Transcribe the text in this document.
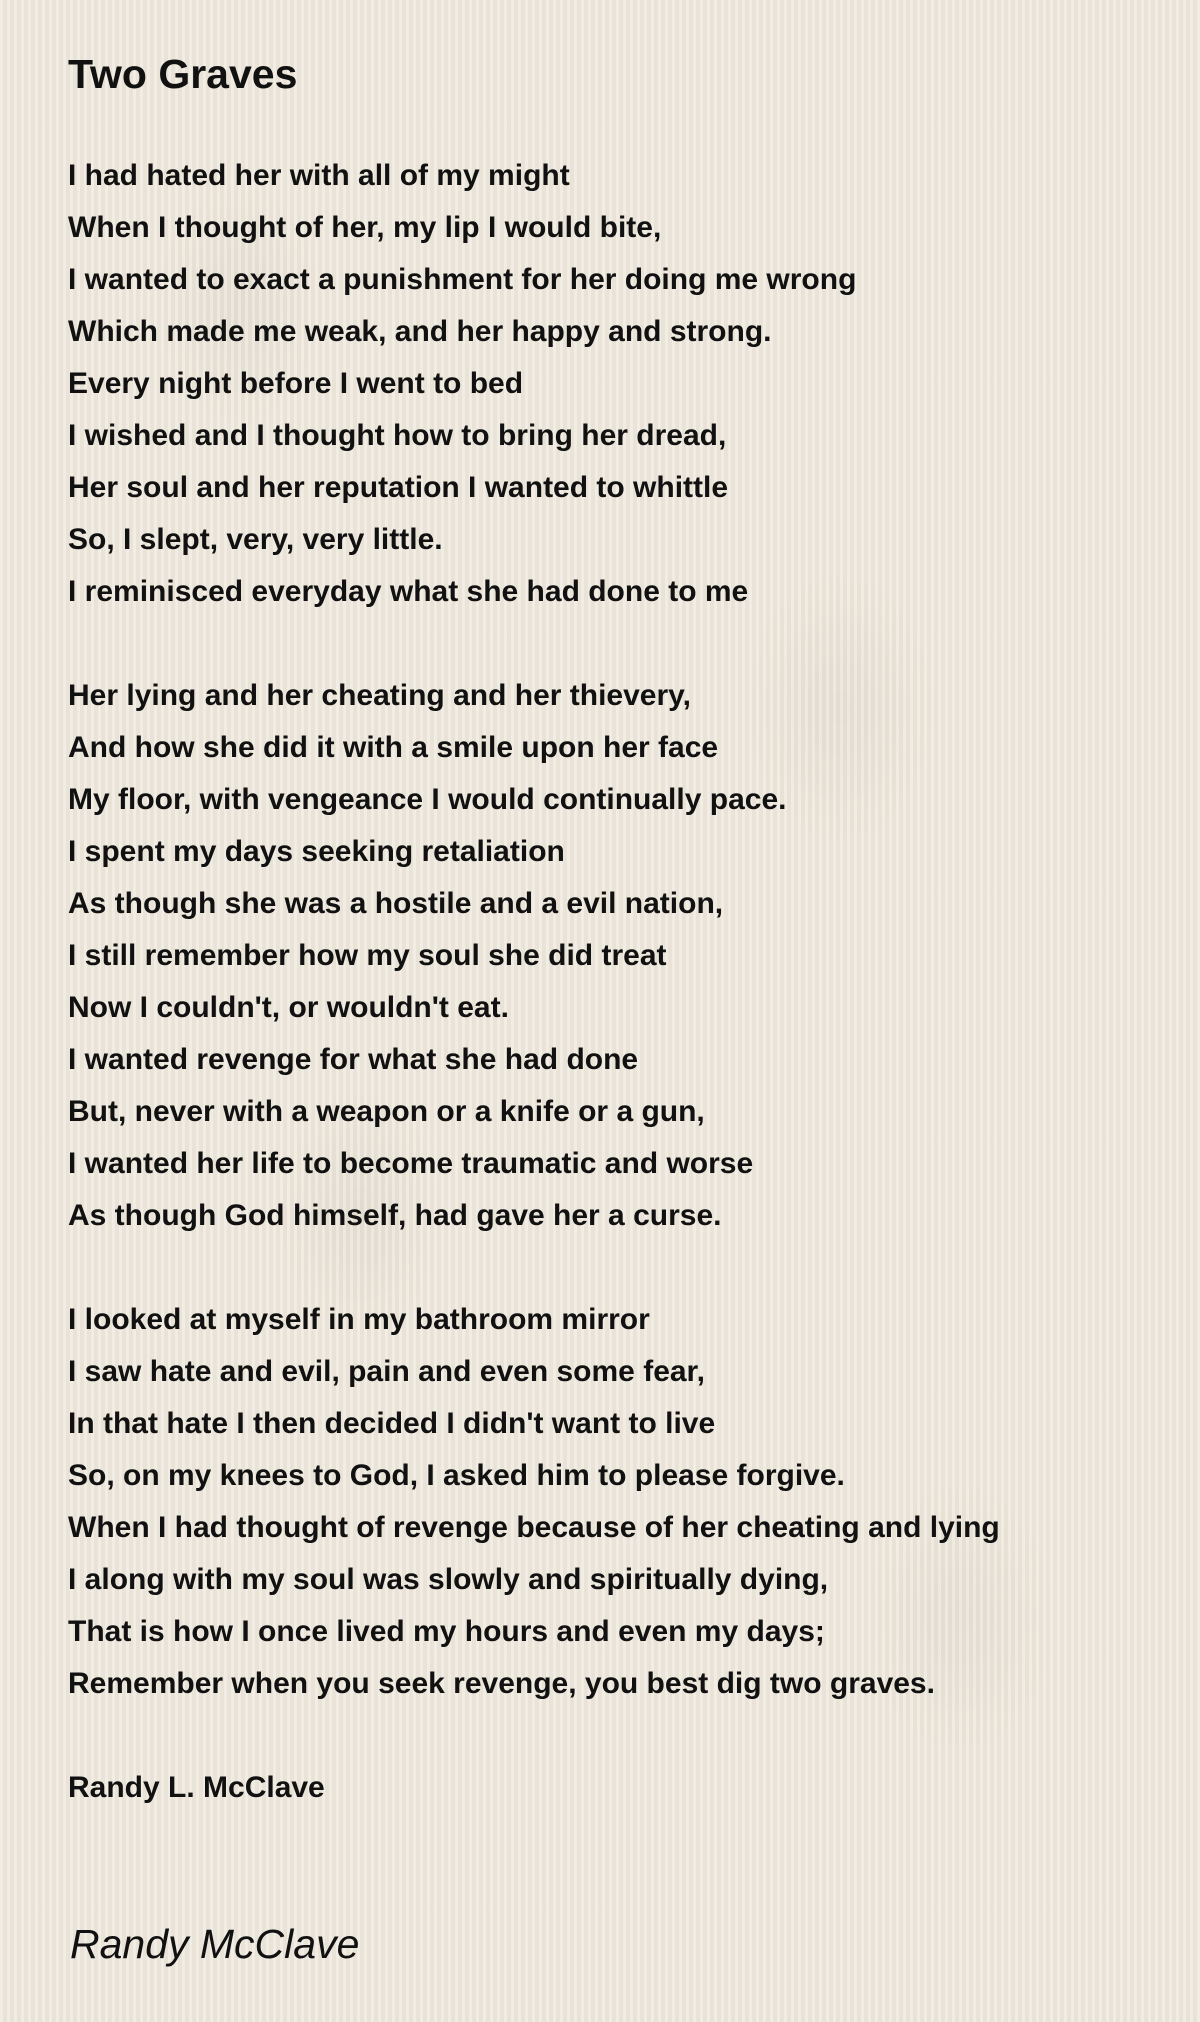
Two Graves
I had hated her with all of my might
When I thought of her, my lip I would bite,
I wanted to exact a punishment for her doing me wrong
Which made me weak, and her happy and strong.
Every night before I went to bed
I wished and I thought how to bring her dread,
Her soul and her reputation I wanted to whittle
So, I slept, very, very little.
I reminisced everyday what she had done to me
Her lying and her cheating and her thievery,
And how she did it with a smile upon her face
My floor, with vengeance I would continually pace.
I spent my days seeking retaliation
As though she was a hostile and a evil nation,
I still remember how my soul she did treat
Now I couldn't, or wouldn't eat.
I wanted revenge for what she had done
But, never with a weapon or a knife or a gun,
I wanted her life to become traumatic and worse
As though God himself, had gave her a curse.
I looked at myself in my bathroom mirror
I saw hate and evil, pain and even some fear,
In that hate I then decided I didn't want to live
So, on my knees to God, I asked him to please forgive.
When I had thought of revenge because of her cheating and lying
I along with my soul was slowly and spiritually dying,
That is how I once lived my hours and even my days;
Remember when you seek revenge, you best dig two graves.
Randy L. McClave
Randy McClave
